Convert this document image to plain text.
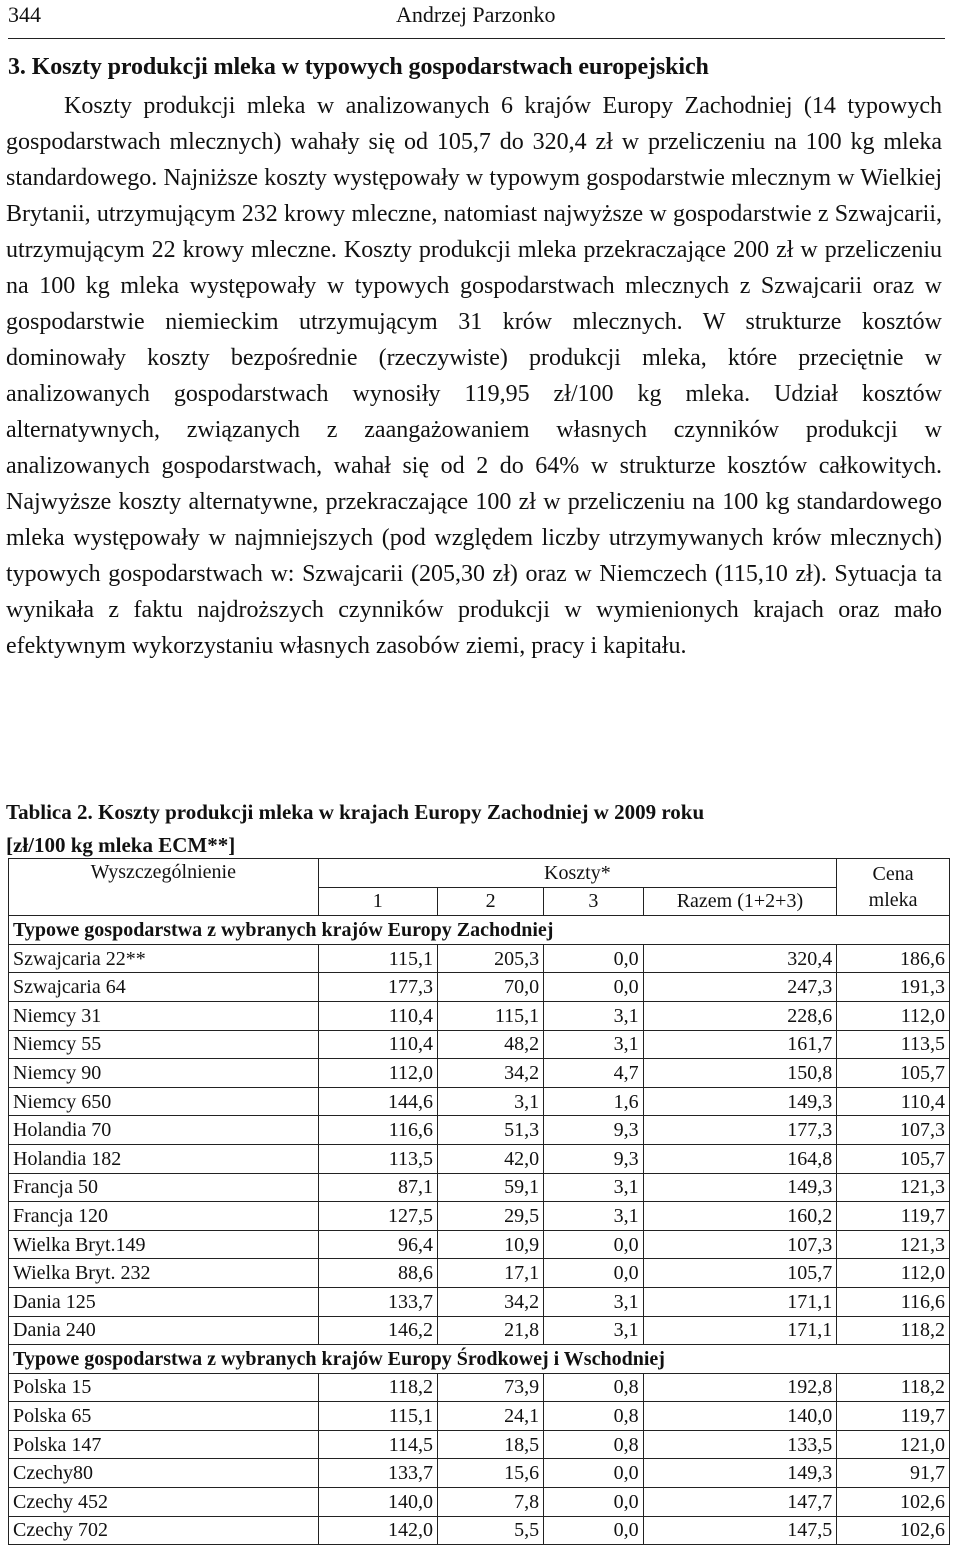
344	Andrzej Parzonko
3. Koszty produkcji mleka w typowych gospodarstwach europejskich

Koszty produkcji mleka w analizowanych 6 krajów Europy Zachodniej (14 typowych gospodarstwach mlecznych) wahały się od 105,7 do 320,4 zł w przeliczeniu na 100 kg mleka standardowego. Najniższe koszty występowały w typowym gospodarstwie mlecznym w Wielkiej Brytanii, utrzymującym 232 krowy mleczne, natomiast najwyższe w gospodarstwie z Szwajcarii, utrzymującym 22 krowy mleczne. Koszty produkcji mleka przekraczające 200 zł w przeliczeniu na 100 kg mleka występowały w typowych gospodarstwach mlecznych z Szwajcarii oraz w gospodarstwie niemieckim utrzymującym 31 krów mlecznych. W strukturze kosztów dominowały koszty bezpośrednie (rzeczywiste) produkcji mleka, które przeciętnie w analizowanych gospodarstwach wynosiły 119,95 zł/100 kg mleka. Udział kosztów alternatywnych, związanych z zaangażowaniem własnych czynników produkcji w analizowanych gospodarstwach, wahał się od 2 do 64% w strukturze kosztów całkowitych. Najwyższe koszty alternatywne, przekraczające 100 zł w przeliczeniu na 100 kg standardowego mleka występowały w najmniejszych (pod względem liczby utrzymywanych krów mlecznych) typowych gospodarstwach w: Szwajcarii (205,30 zł) oraz w Niemczech (115,10 zł). Sytuacja ta wynikała z faktu najdroższych czynników produkcji w wymienionych krajach oraz mało efektywnym wykorzystaniu własnych zasobów ziemi, pracy i kapitału.

Tablica 2. Koszty produkcji mleka w krajach Europy Zachodniej w 2009 roku
[zł/100 kg mleka ECM**]
Wyszczególnienie	Koszty*				Cena
mleka
	1	2	3	Razem (1+2+3)	
Typowe gospodarstwa z wybranych krajów Europy Zachodniej					
Szwajcaria 22**	115,1	205,3	0,0	320,4	186,6
Szwajcaria 64	177,3	70,0	0,0	247,3	191,3
Niemcy 31	110,4	115,1	3,1	228,6	112,0
Niemcy 55	110,4	48,2	3,1	161,7	113,5
Niemcy 90	112,0	34,2	4,7	150,8	105,7
Niemcy 650	144,6	3,1	1,6	149,3	110,4
Holandia 70	116,6	51,3	9,3	177,3	107,3
Holandia 182	113,5	42,0	9,3	164,8	105,7
Francja 50	87,1	59,1	3,1	149,3	121,3
Francja 120	127,5	29,5	3,1	160,2	119,7
Wielka Bryt.149	96,4	10,9	0,0	107,3	121,3
Wielka Bryt. 232	88,6	17,1	0,0	105,7	112,0
Dania 125	133,7	34,2	3,1	171,1	116,6
Dania 240	146,2	21,8	3,1	171,1	118,2
Typowe gospodarstwa z wybranych krajów Europy Środkowej i Wschodniej					
Polska 15	118,2	73,9	0,8	192,8	118,2
Polska 65	115,1	24,1	0,8	140,0	119,7
Polska 147	114,5	18,5	0,8	133,5	121,0
Czechy80	133,7	15,6	0,0	149,3	91,7
Czechy 452	140,0	7,8	0,0	147,7	102,6
Czechy 702	142,0	5,5	0,0	147,5	102,6
